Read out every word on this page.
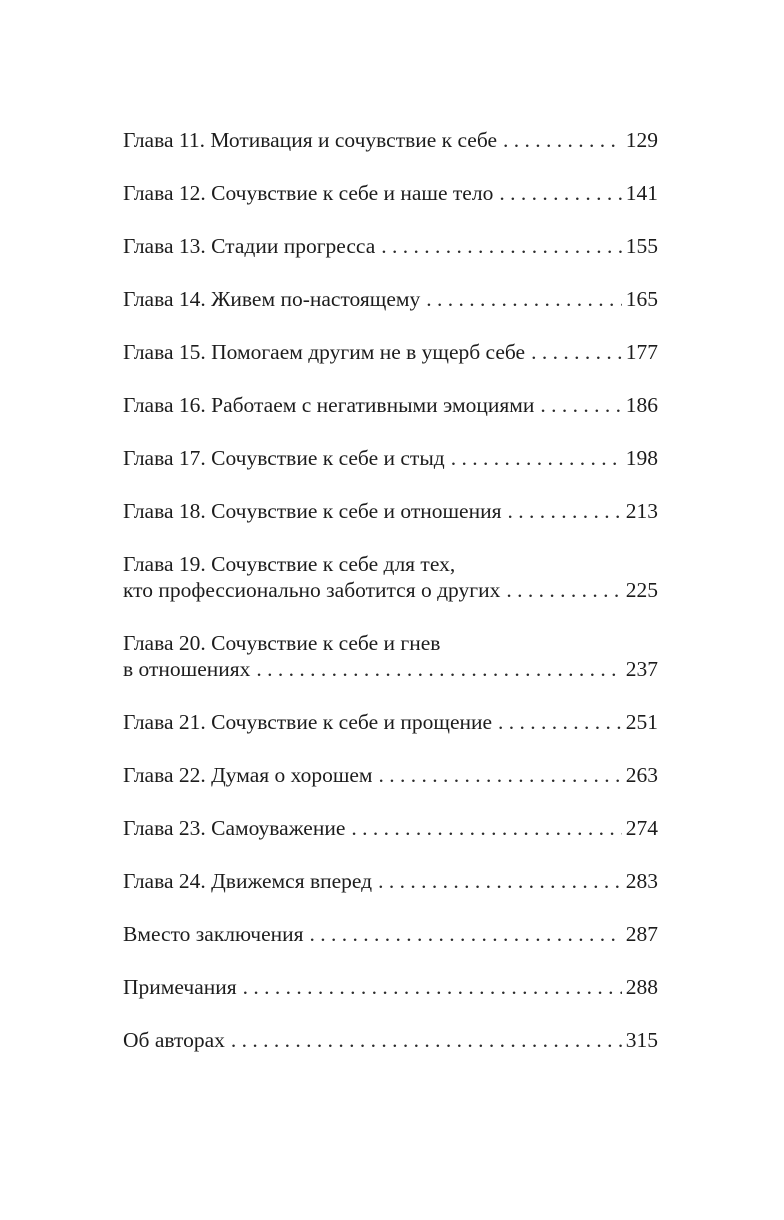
Глава 11. Мотивация и сочувствие к себе . . .	129
Глава 12. Сочувствие к себе и наше тело . . .	141
Глава 13. Стадии прогресса . . .	155
Глава 14. Живем по-настоящему . . .	165
Глава 15. Помогаем другим не в ущерб себе . . .	177
Глава 16. Работаем с негативными эмоциями . . .	186
Глава 17. Сочувствие к себе и стыд . . .	198
Глава 18. Сочувствие к себе и отношения . . .	213
Глава 19. Сочувствие к себе для тех,
кто профессионально заботится о других . . .	225
Глава 20. Сочувствие к себе и гнев
в отношениях . . .	237
Глава 21. Сочувствие к себе и прощение . . .	251
Глава 22. Думая о хорошем . . .	263
Глава 23. Самоуважение . . .	274
Глава 24. Движемся вперед . . .	283
Вместо заключения . . .	287
Примечания . . .	288
Об авторах . . .	315
